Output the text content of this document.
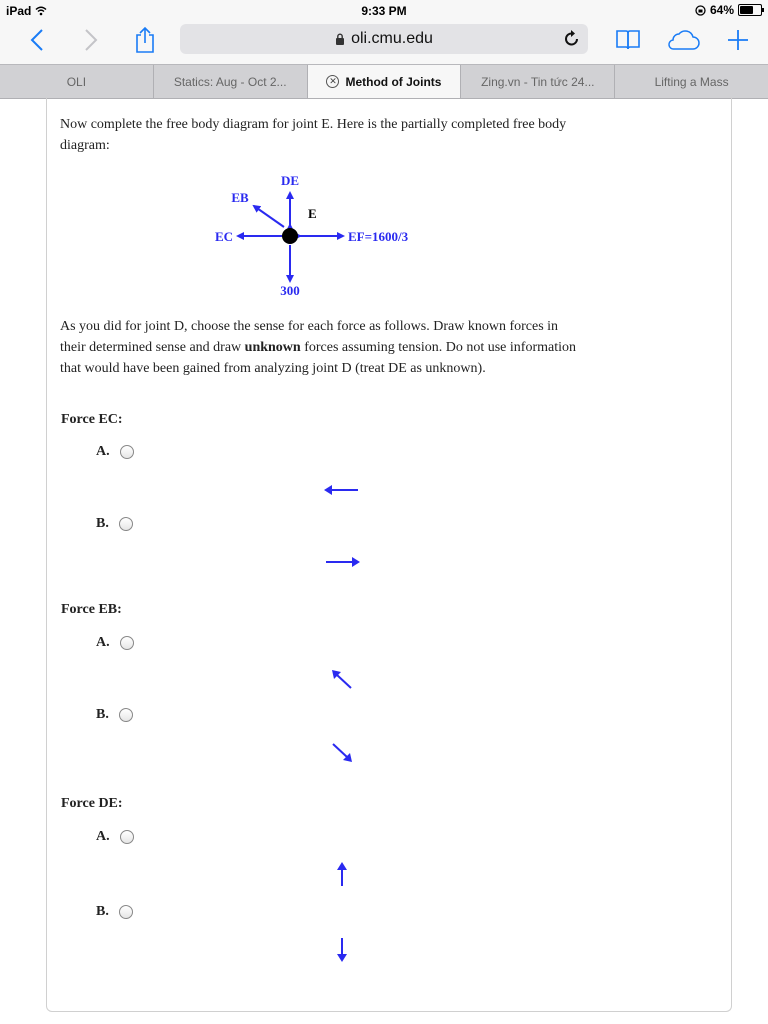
iPad	9:33 PM	64%
oli.cmu.edu
OLI	Statics: Aug - Oct 2...	✕ Method of Joints	Zing.vn - Tin tức 24...	Lifting a Mass
Now complete the free body diagram for joint E. Here is the partially completed free body diagram:
DE
EB
E
EC	EF=1600/3
300
As you did for joint D, choose the sense for each force as follows. Draw known forces in their determined sense and draw unknown forces assuming tension. Do not use information that would have been gained from analyzing joint D (treat DE as unknown).
Force EC:
A.
B.
Force EB:
A.
B.
Force DE:
A.
B.
